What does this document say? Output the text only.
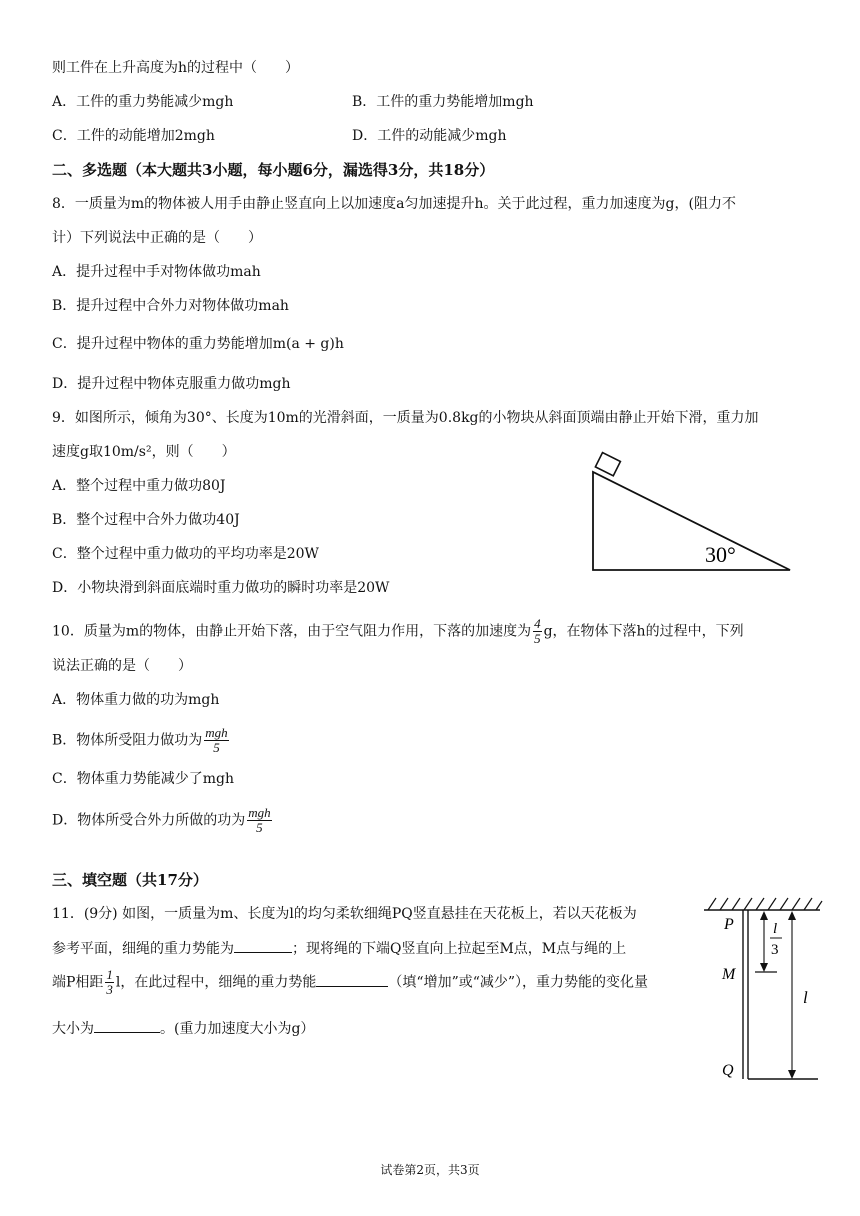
则工件在上升高度为h的过程中（　　）
A．工件的重力势能减少mgh	B．工件的重力势能增加mgh
C．工件的动能增加2mgh	D．工件的动能减少mgh
二、多选题（本大题共3小题，每小题6分，漏选得3分，共18分）
8．一质量为m的物体被人用手由静止竖直向上以加速度a匀加速提升h。关于此过程，重力加速度为g，(阻力不
计）下列说法中正确的是（　　）
A．提升过程中手对物体做功mah
B．提升过程中合外力对物体做功mah
C．提升过程中物体的重力势能增加m(a + g)h
D．提升过程中物体克服重力做功mgh
9．如图所示，倾角为30°、长度为10m的光滑斜面，一质量为0.8kg的小物块从斜面顶端由静止开始下滑，重力加
速度g取10m/s²，则（　　）
A．整个过程中重力做功80J
B．整个过程中合外力做功40J
C．整个过程中重力做功的平均功率是20W
D．小物块滑到斜面底端时重力做功的瞬时功率是20W
30°
10．质量为m的物体，由静止开始下落，由于空气阻力作用，下落的加速度为 $\frac{4}{5}$ g，在物体下落h的过程中，下列
说法正确的是（　　）
A．物体重力做的功为mgh
B．物体所受阻力做功为 $\frac{\text{mgh}}{5}$
C．物体重力势能减少了mgh
D．物体所受合外力所做的功为 $\frac{\text{mgh}}{5}$
三、填空题（共17分）
11．(9分) 如图，一质量为m、长度为l的均匀柔软细绳PQ竖直悬挂在天花板上，若以天花板为
参考平面，细绳的重力势能为	；现将绳的下端Q竖直向上拉起至M点，M点与绳的上
端P相距 $\frac{1}{3}$ l，在此过程中，细绳的重力势能	（填“增加”或“减少”），重力势能的变化量
大小为	。(重力加速度大小为g）
P
M
Q
l
3
l
试卷第2页，共3页
